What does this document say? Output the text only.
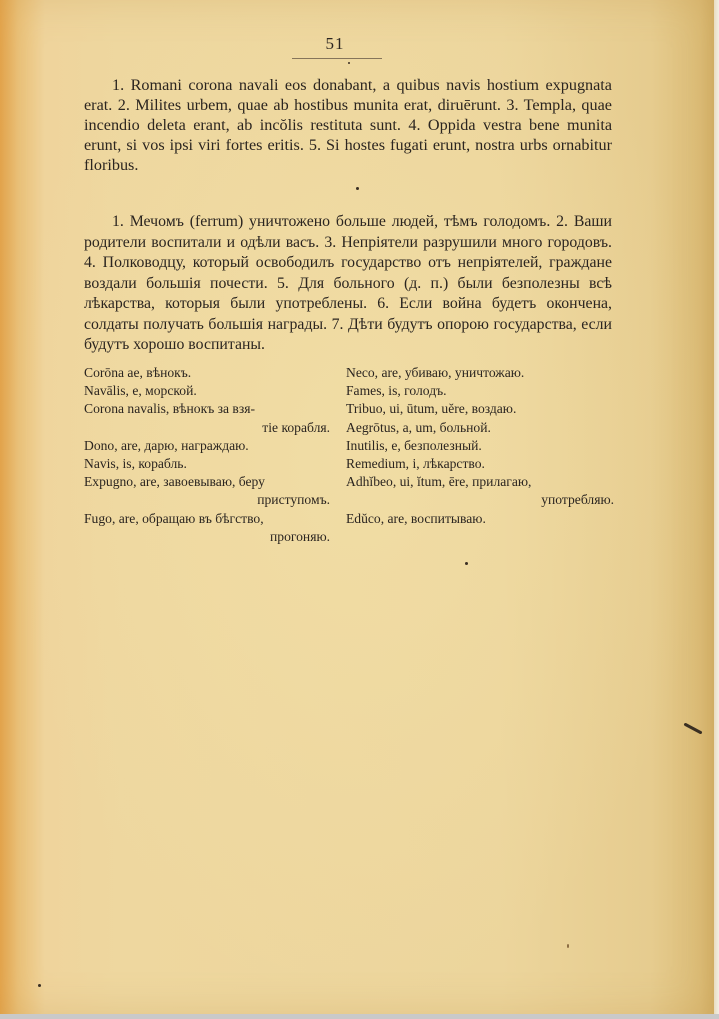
51

1. Romani corona navali eos donabant, a quibus navis hostium expugnata erat. 2. Milites urbem, quae ab hostibus munita erat, diruērunt. 3. Templa, quae incendio deleta erant, ab incŏlis restituta sunt. 4. Oppida vestra bene munita erunt, si vos ipsi viri fortes eritis. 5. Si hostes fugati erunt, nostra urbs ornabitur floribus.

1. Мечомъ (ferrum) уничтожено больше людей, тѣмъ голодомъ. 2. Ваши родители воспитали и одѣли васъ. 3. Непріятели разрушили много городовъ. 4. Полководцу, который освободилъ государство отъ непріятелей, граждане воздали большія почести. 5. Для больного (д. п.) были безполезны всѣ лѣкарства, которыя были употреблены. 6. Если война будетъ окончена, солдаты получать большія награды. 7. Дѣти будутъ опорою государства, если будутъ хорошо воспитаны.

Corōna ae, вѣнокъ.
Navālis, e, морской.
Corona navalis, вѣнокъ за взя-
тіе корабля.
Dono, are, дарю, награждаю.
Navis, is, корабль.
Expugno, are, завоевываю, беру
приступомъ.
Fugo, are, обращаю въ бѣгство,
прогоняю.
Neco, are, убиваю, уничтожаю.
Fames, is, голодъ.
Tribuo, ui, ūtum, uĕre, воздаю.
Aegrōtus, a, um, больной.
Inutilis, e, безполезный.
Remedium, i, лѣкарство.
Adhĭbeo, ui, ĭtum, ēre, прилагаю,
употребляю.
Edŭco, are, воспитываю.
